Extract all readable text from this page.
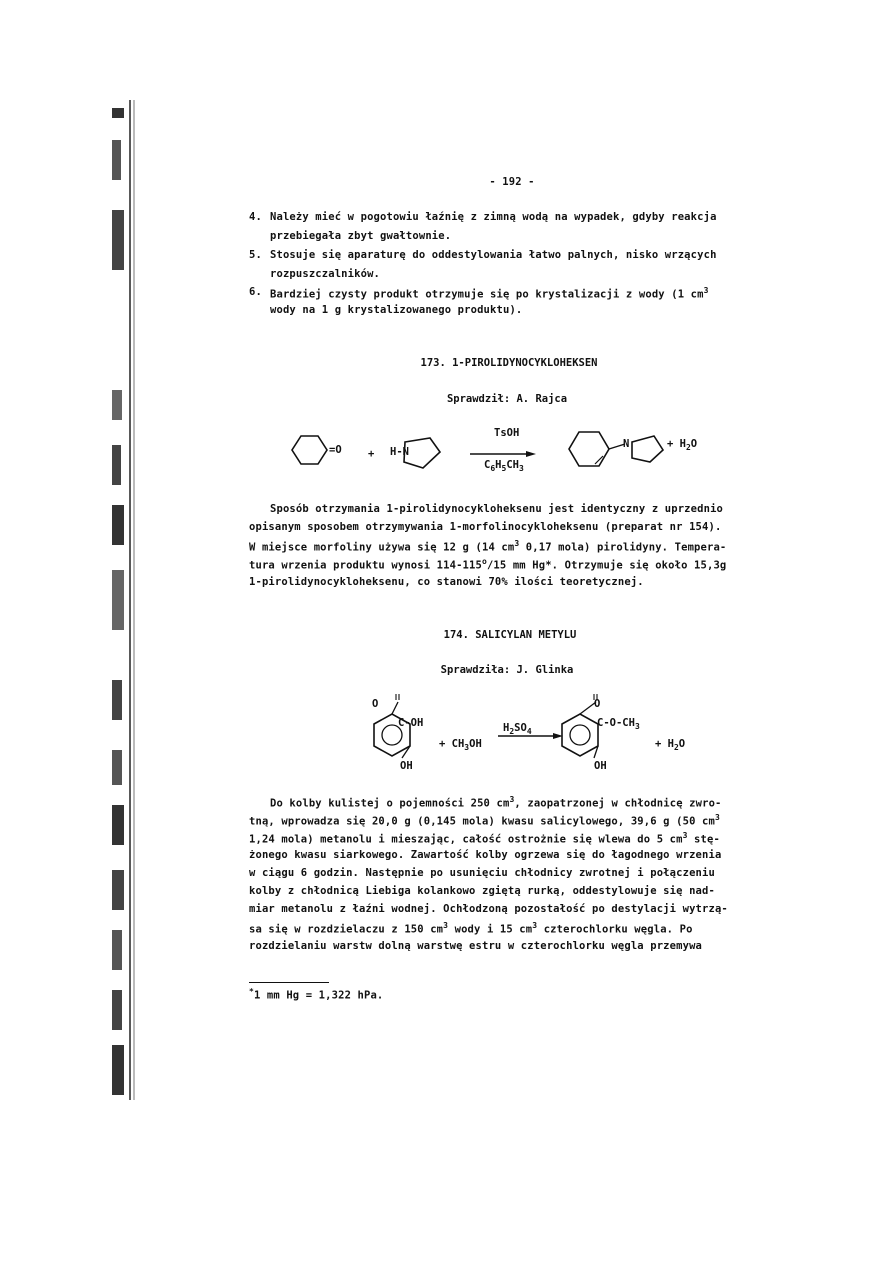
- 192 -
4. Należy mieć w pogotowiu łaźnię z zimną wodą na wypadek, gdyby reakcja
przebiegała zbyt gwałtownie.
5. Stosuje się aparaturę do oddestylowania łatwo palnych, nisko wrzących
rozpuszczalników.
6. Bardziej czysty produkt otrzymuje się po krystalizacji z wody (1 $cm^3$
wody na 1 g krystalizowanego produktu).
173. 1-PIROLIDYNOCYKLOHEKSEN
Sprawdził: A. Rajca
=O	+ H-N
TsOH
$C_6H_5CH_3$
N	+ $H_2O$
Sposób otrzymania 1-pirolidynocykloheksenu jest identyczny z uprzednio
opisanym sposobem otrzymywania 1-morfolinocykloheksenu (preparat nr 154).
W miejsce morfoliny używa się 12 g (14 $cm^3$ 0,17 mola) pirolidyny. Tempera-
tura wrzenia produktu wynosi 114-115$^o$/15 mm Hg*. Otrzymuje się około 15,3g
1-pirolidynocykloheksenu, co stanowi 70% ilości teoretycznej.
174. SALICYLAN METYLU
Sprawdziła: J. Glinka
O
C-OH
OH
+ $CH_3OH$
$H_2SO_4$
O
$C-O-CH_3$
OH
+ $H_2O$
Do kolby kulistej o pojemności 250 $cm^3$, zaopatrzonej w chłodnicę zwro-
tną, wprowadza się 20,0 g (0,145 mola) kwasu salicylowego, 39,6 g (50 $cm^3$
1,24 mola) metanolu i mieszając, całość ostrożnie się wlewa do 5 $cm^3$ stę-
żonego kwasu siarkowego. Zawartość kolby ogrzewa się do łagodnego wrzenia
w ciągu 6 godzin. Następnie po usunięciu chłodnicy zwrotnej i połączeniu
kolby z chłodnicą Liebiga kolankowo zgiętą rurką, oddestylowuje się nad-
miar metanolu z łaźni wodnej. Ochłodzoną pozostałość po destylacji wytrzą-
sa się w rozdzielaczu z 150 $cm^3$ wody i 15 $cm^3$ czterochlorku węgla. Po
rozdzielaniu warstw dolną warstwę estru w czterochlorku węgla przemywa
*1 mm Hg = 1,322 hPa.
